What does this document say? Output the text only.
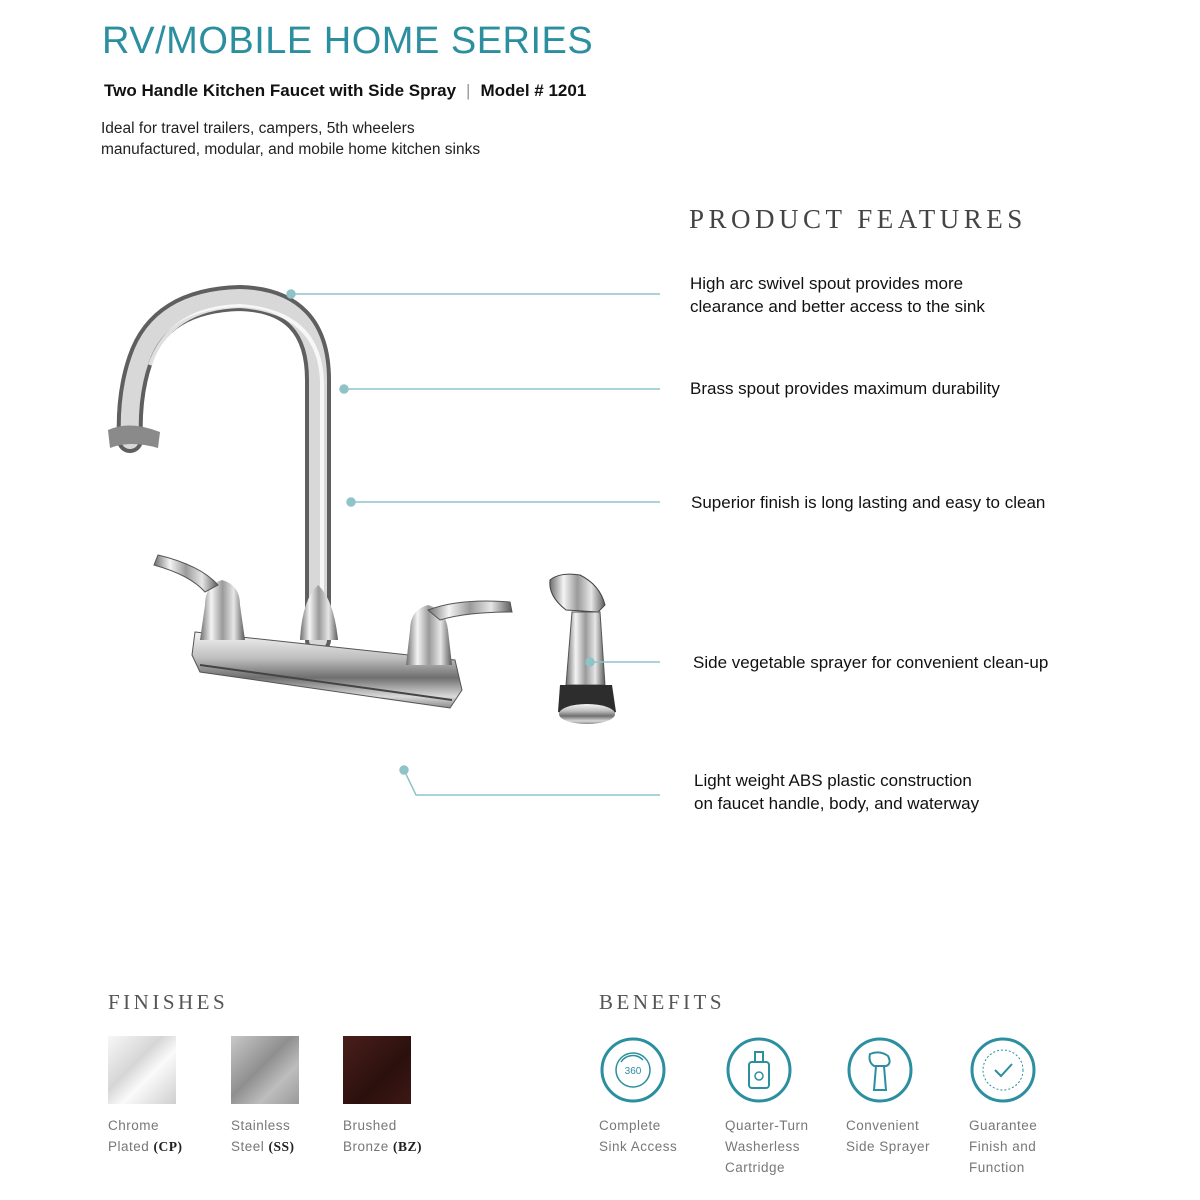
RV/MOBILE HOME SERIES
Two Handle Kitchen Faucet with Side Spray | Model # 1201
Ideal for travel trailers, campers, 5th wheelers
manufactured, modular, and mobile home kitchen sinks
PRODUCT FEATURES
High arc swivel spout provides more
clearance and better access to the sink
Brass spout provides maximum durability
Superior finish is long lasting and easy to clean
Side vegetable sprayer for convenient clean-up
Light weight ABS plastic construction
on faucet handle, body, and waterway
FINISHES
Chrome
Plated (CP)
Stainless
Steel (SS)
Brushed
Bronze (BZ)
BENEFITS
360
Complete
Sink Access
Quarter-Turn
Washerless
Cartridge
Convenient
Side Sprayer
Guarantee
Finish and
Function
